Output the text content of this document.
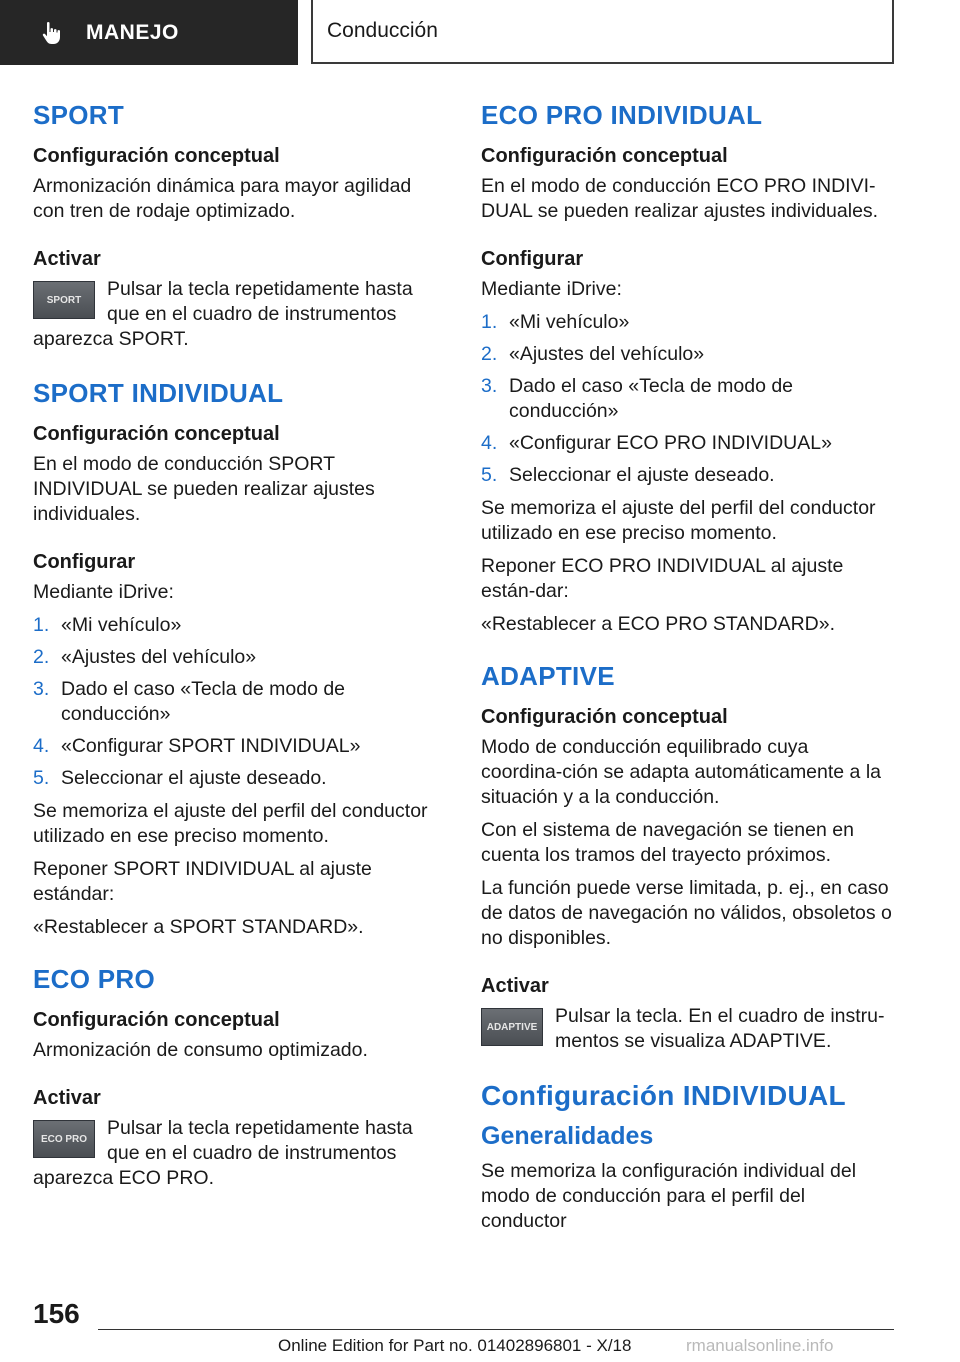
MANEJO	Conducción
SPORT
Configuración conceptual

Armonización dinámica para mayor agilidad con tren de rodaje optimizado.

Activar
SPORT	Pulsar la tecla repetidamente hasta que en el cuadro de instrumentos aparezca SPORT.

SPORT INDIVIDUAL
Configuración conceptual

En el modo de conducción SPORT INDIVIDUAL se pueden realizar ajustes individuales.

Configurar

Mediante iDrive:

1. «Mi vehículo»
2. «Ajustes del vehículo»
3. Dado el caso «Tecla de modo de conducción»
4. «Configurar SPORT INDIVIDUAL»
5. Seleccionar el ajuste deseado.

Se memoriza el ajuste del perfil del conductor utilizado en ese preciso momento.

Reponer SPORT INDIVIDUAL al ajuste estándar:

«Restablecer a SPORT STANDARD».

ECO PRO
Configuración conceptual

Armonización de consumo optimizado.

Activar
ECO PRO	Pulsar la tecla repetidamente hasta que en el cuadro de instrumentos aparezca ECO PRO.

ECO PRO INDIVIDUAL
Configuración conceptual

En el modo de conducción ECO PRO INDIVI-DUAL se pueden realizar ajustes individuales.

Configurar

Mediante iDrive:

1. «Mi vehículo»
2. «Ajustes del vehículo»
3. Dado el caso «Tecla de modo de conducción»
4. «Configurar ECO PRO INDIVIDUAL»
5. Seleccionar el ajuste deseado.

Se memoriza el ajuste del perfil del conductor utilizado en ese preciso momento.

Reponer ECO PRO INDIVIDUAL al ajuste están-dar:

«Restablecer a ECO PRO STANDARD».

ADAPTIVE
Configuración conceptual

Modo de conducción equilibrado cuya coordina-ción se adapta automáticamente a la situación y a la conducción.

Con el sistema de navegación se tienen en cuenta los tramos del trayecto próximos.

La función puede verse limitada, p. ej., en caso de datos de navegación no válidos, obsoletos o no disponibles.

Activar
ADAPTIVE Pulsar la tecla. En el cuadro de instru-mentos se visualiza ADAPTIVE.

Configuración INDIVIDUAL
Generalidades

Se memoriza la configuración individual del modo de conducción para el perfil del conductor

156
Online Edition for Part no. 01402896801 - X/18	rmanualsonline.info
